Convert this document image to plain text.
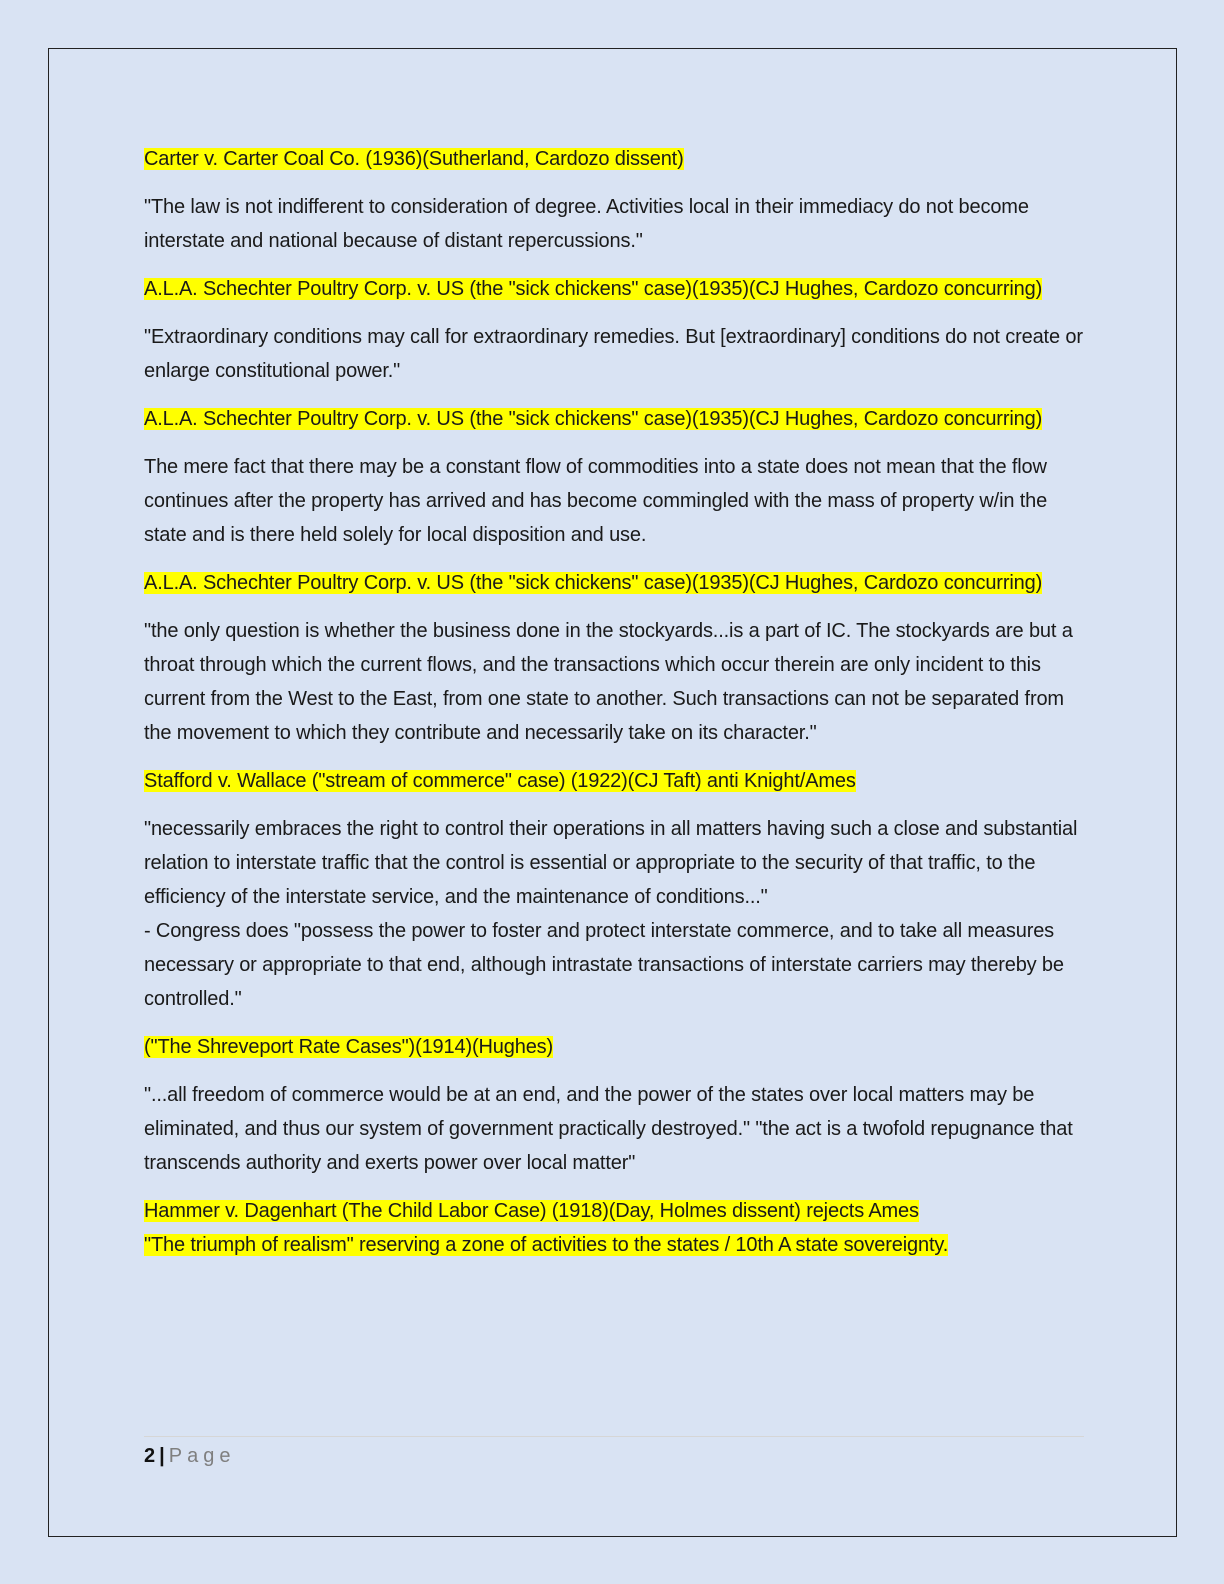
Carter v. Carter Coal Co. (1936)(Sutherland, Cardozo dissent)

"The law is not indifferent to consideration of degree. Activities local in their immediacy do not become interstate and national because of distant repercussions."

A.L.A. Schechter Poultry Corp. v. US (the "sick chickens" case)(1935)(CJ Hughes, Cardozo concurring)

"Extraordinary conditions may call for extraordinary remedies. But [extraordinary] conditions do not create or enlarge constitutional power."

A.L.A. Schechter Poultry Corp. v. US (the "sick chickens" case)(1935)(CJ Hughes, Cardozo concurring)

The mere fact that there may be a constant flow of commodities into a state does not mean that the flow continues after the property has arrived and has become commingled with the mass of property w/in the state and is there held solely for local disposition and use.

A.L.A. Schechter Poultry Corp. v. US (the "sick chickens" case)(1935)(CJ Hughes, Cardozo concurring)

"the only question is whether the business done in the stockyards...is a part of IC. The stockyards are but a throat through which the current flows, and the transactions which occur therein are only incident to this current from the West to the East, from one state to another. Such transactions can not be separated from the movement to which they contribute and necessarily take on its character."

Stafford v. Wallace ("stream of commerce" case) (1922)(CJ Taft) anti Knight/Ames

"necessarily embraces the right to control their operations in all matters having such a close and substantial relation to interstate traffic that the control is essential or appropriate to the security of that traffic, to the efficiency of the interstate service, and the maintenance of conditions..."
- Congress does "possess the power to foster and protect interstate commerce, and to take all measures necessary or appropriate to that end, although intrastate transactions of interstate carriers may thereby be controlled."

("The Shreveport Rate Cases")(1914)(Hughes)

"...all freedom of commerce would be at an end, and the power of the states over local matters may be eliminated, and thus our system of government practically destroyed." "the act is a twofold repugnance that transcends authority and exerts power over local matter"

Hammer v. Dagenhart (The Child Labor Case) (1918)(Day, Holmes dissent) rejects Ames
"The triumph of realism" reserving a zone of activities to the states / 10th A state sovereignty.

2 | Page
